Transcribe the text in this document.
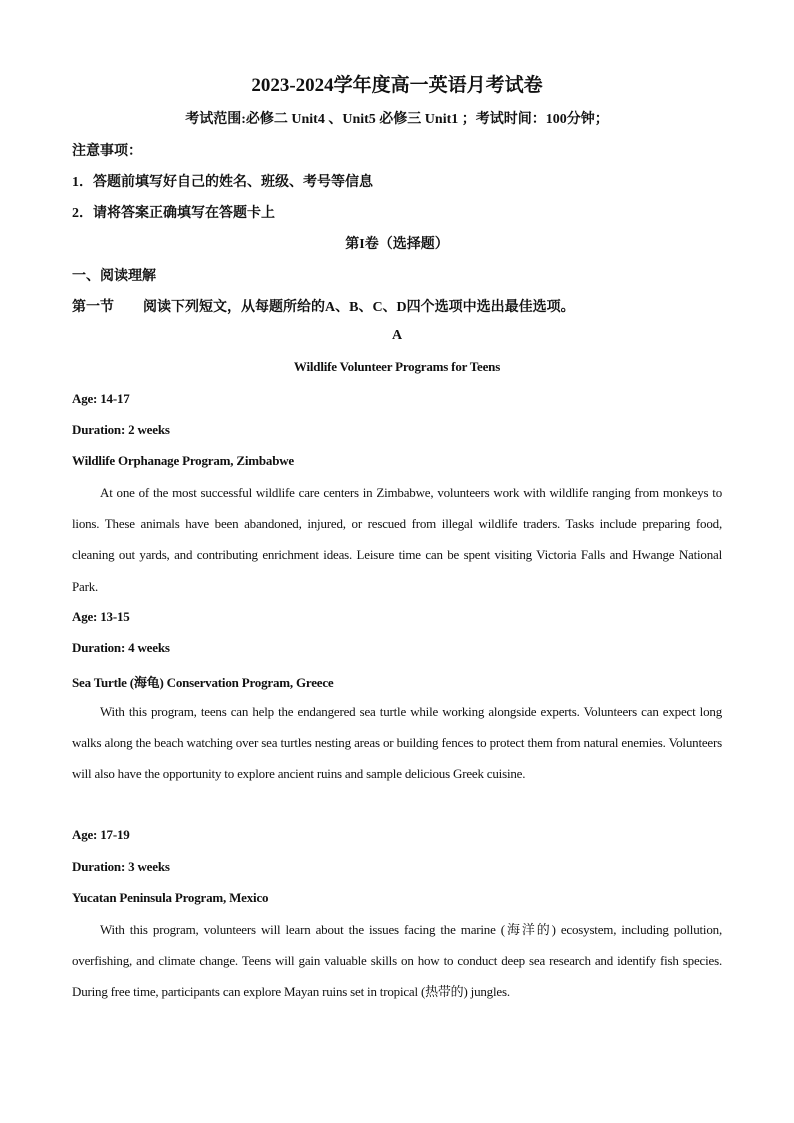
2023-2024学年度高一英语月考试卷
考试范围:必修二 Unit4 、Unit5 必修三 Unit1 ；考试时间：100分钟；
注意事项：
1．答题前填写好自己的姓名、班级、考号等信息
2．请将答案正确填写在答题卡上
第I卷（选择题）
一、阅读理解
第一节 阅读下列短文，从每题所给的A、B、C、D四个选项中选出最佳选项。
A
Wildlife Volunteer Programs for Teens
Age: 14-17
Duration: 2 weeks
Wildlife Orphanage Program, Zimbabwe
At one of the most successful wildlife care centers in Zimbabwe, volunteers work with wildlife ranging from monkeys to lions. These animals have been abandoned, injured, or rescued from illegal wildlife traders. Tasks include preparing food, cleaning out yards, and contributing enrichment ideas. Leisure time can be spent visiting Victoria Falls and Hwange National Park.
Age: 13-15
Duration: 4 weeks
Sea Turtle (海龟) Conservation Program, Greece
With this program, teens can help the endangered sea turtle while working alongside experts. Volunteers can expect long walks along the beach watching over sea turtles nesting areas or building fences to protect them from natural enemies. Volunteers will also have the opportunity to explore ancient ruins and sample delicious Greek cuisine.
Age: 17-19
Duration: 3 weeks
Yucatan Peninsula Program, Mexico
With this program, volunteers will learn about the issues facing the marine (海洋的) ecosystem, including pollution, overfishing, and climate change. Teens will gain valuable skills on how to conduct deep sea research and identify fish species. During free time, participants can explore Mayan ruins set in tropical (热带的) jungles.
